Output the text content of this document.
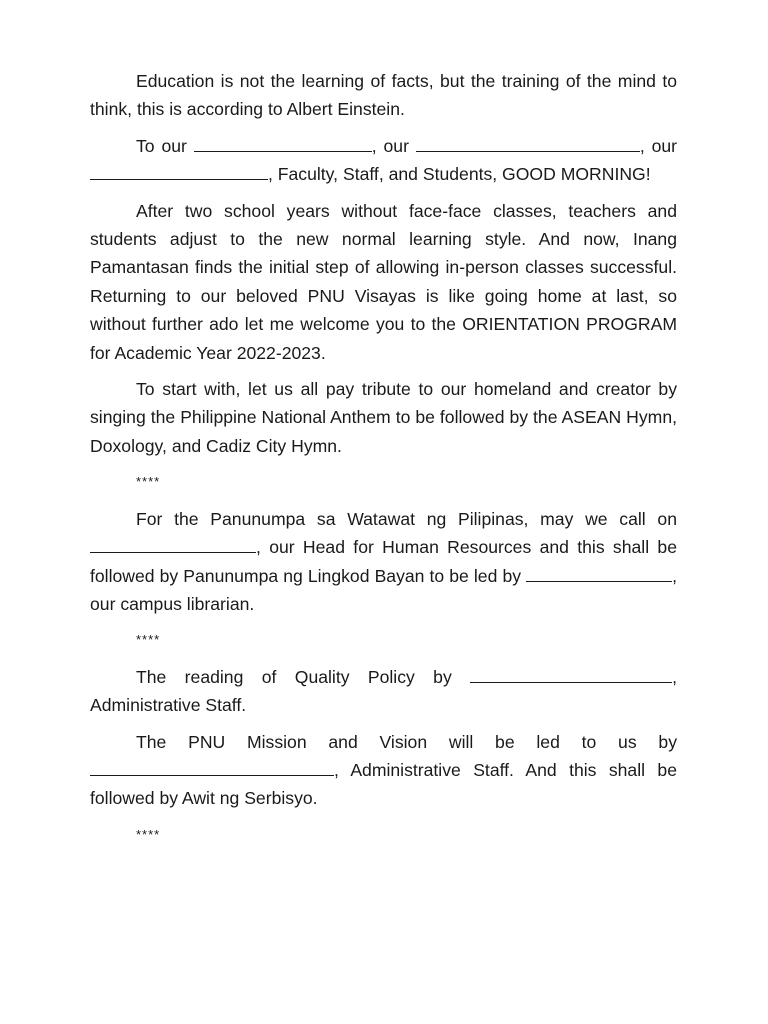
Education is not the learning of facts, but the training of the mind to think, this is according to Albert Einstein.

To our	, our	, our , Faculty, Staff, and Students, GOOD MORNING!

After two school years without face-face classes, teachers and students adjust to the new normal learning style. And now, Inang Pamantasan finds the initial step of allowing in-person classes successful. Returning to our beloved PNU Visayas is like going home at last, so without further ado let me welcome you to the ORIENTATION PROGRAM for Academic Year 2022-2023.

To start with, let us all pay tribute to our homeland and creator by singing the Philippine National Anthem to be followed by the ASEAN Hymn, Doxology, and Cadiz City Hymn.

****

For the Panunumpa sa Watawat ng Pilipinas, may we call on , our Head for Human Resources and this shall be followed by Panunumpa ng Lingkod Bayan to be led by	, our campus librarian.

****

The reading of Quality Policy by	, Administrative Staff.

The PNU Mission and Vision will be led to us by , Administrative Staff. And this shall be followed by Awit ng Serbisyo.

****
